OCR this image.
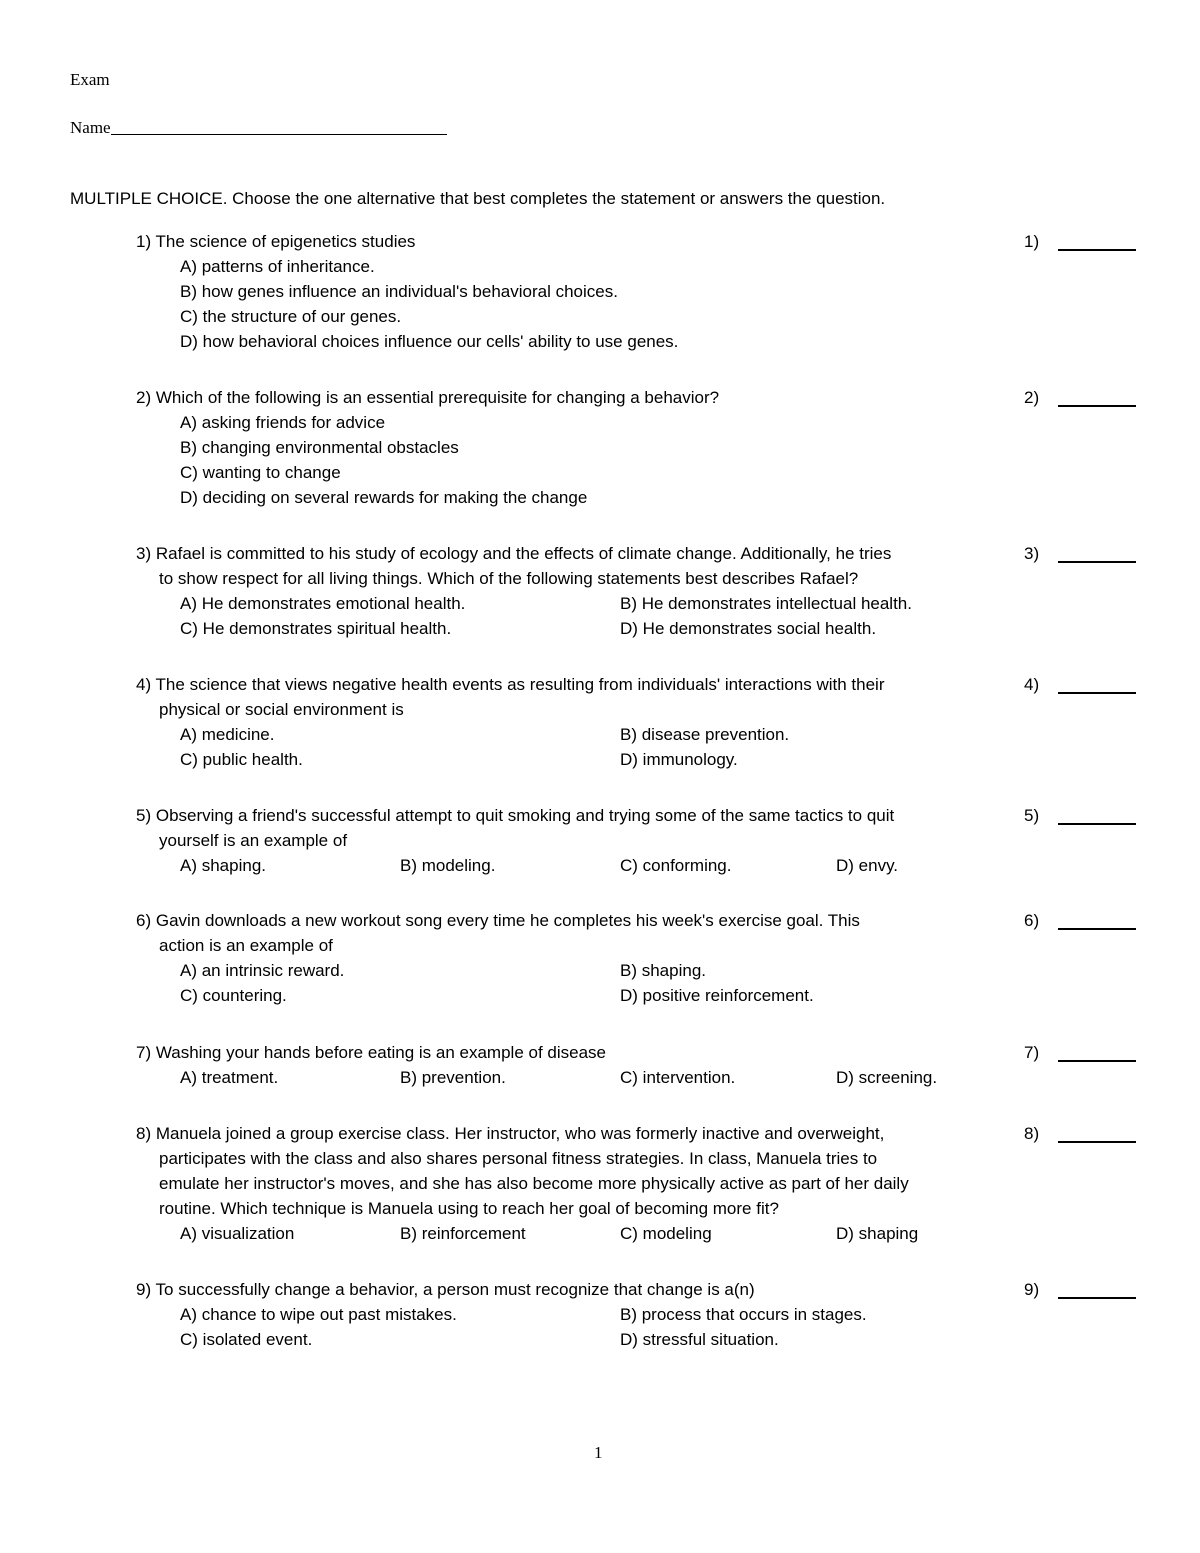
Exam
Name
MULTIPLE CHOICE. Choose the one alternative that best completes the statement or answers the question.
1) The science of epigenetics studies	1)
A) patterns of inheritance.
B) how genes influence an individual's behavioral choices.
C) the structure of our genes.
D) how behavioral choices influence our cells' ability to use genes.
2) Which of the following is an essential prerequisite for changing a behavior?	2)
A) asking friends for advice
B) changing environmental obstacles
C) wanting to change
D) deciding on several rewards for making the change
3) Rafael is committed to his study of ecology and the effects of climate change. Additionally, he tries	3)
to show respect for all living things. Which of the following statements best describes Rafael?
A) He demonstrates emotional health.	B) He demonstrates intellectual health.
C) He demonstrates spiritual health.	D) He demonstrates social health.
4) The science that views negative health events as resulting from individuals' interactions with their	4)
physical or social environment is
A) medicine.	B) disease prevention.
C) public health.	D) immunology.
5) Observing a friend's successful attempt to quit smoking and trying some of the same tactics to quit	5)
yourself is an example of
A) shaping.	B) modeling.	C) conforming.	D) envy.
6) Gavin downloads a new workout song every time he completes his week's exercise goal. This	6)
action is an example of
A) an intrinsic reward.	B) shaping.
C) countering.	D) positive reinforcement.
7) Washing your hands before eating is an example of disease	7)
A) treatment.	B) prevention.	C) intervention.	D) screening.
8) Manuela joined a group exercise class. Her instructor, who was formerly inactive and overweight,	8)
participates with the class and also shares personal fitness strategies. In class, Manuela tries to
emulate her instructor's moves, and she has also become more physically active as part of her daily
routine. Which technique is Manuela using to reach her goal of becoming more fit?
A) visualization	B) reinforcement	C) modeling	D) shaping
9) To successfully change a behavior, a person must recognize that change is a(n)	9)
A) chance to wipe out past mistakes.	B) process that occurs in stages.
C) isolated event.	D) stressful situation.
1
